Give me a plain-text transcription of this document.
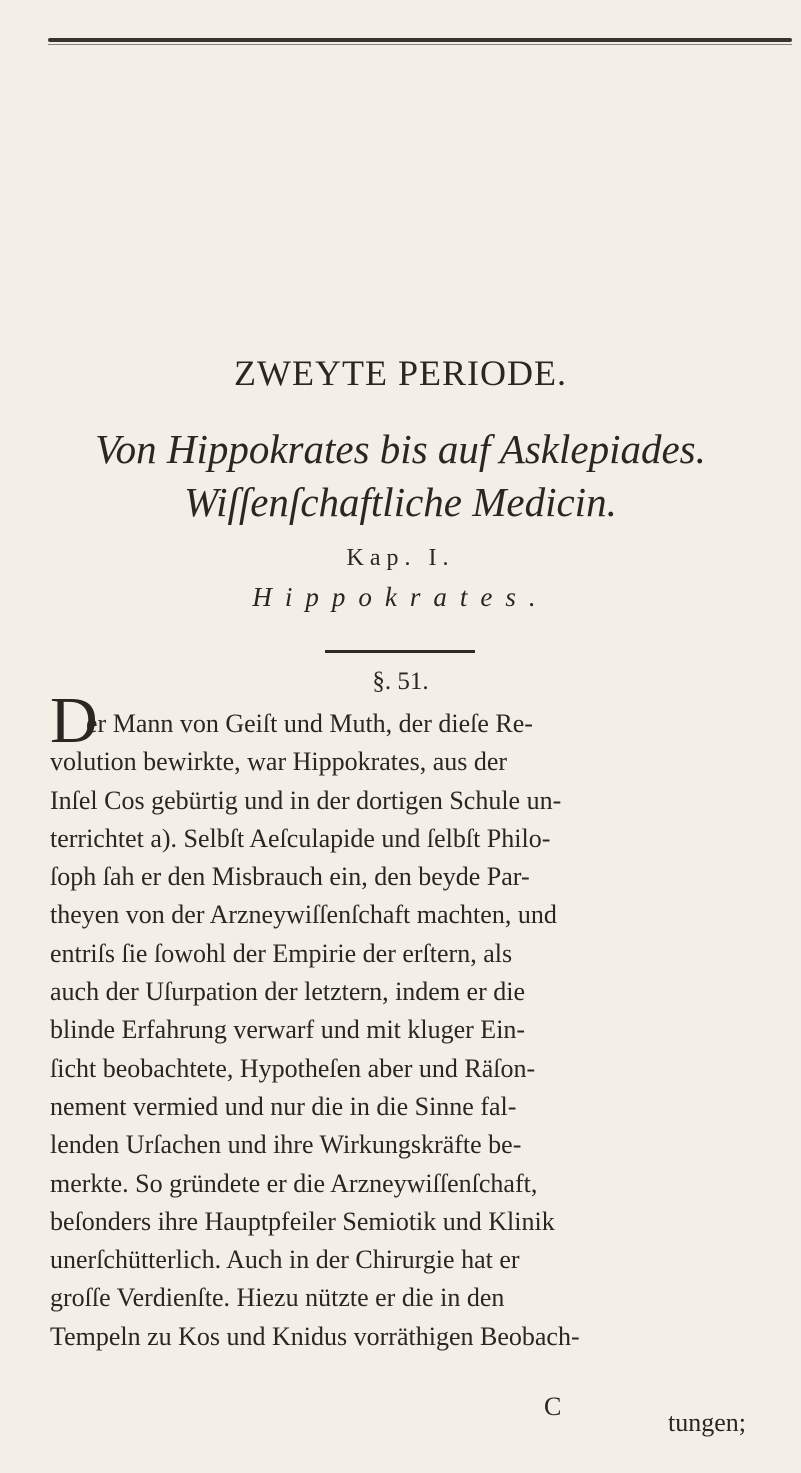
ZWEYTE PERIODE.
Von Hippokrates bis auf Asklepiades.
Wiſſenſchaftliche Medicin.
Kap. I.
Hippokrates.
§. 51.
D
er Mann von Geiſt und Muth, der dieſe Re-
volution bewirkte, war Hippokrates, aus der
Inſel Cos gebürtig und in der dortigen Schule un-
terrichtet a). Selbſt Aeſculapide und ſelbſt Philo-
ſoph ſah er den Misbrauch ein, den beyde Par-
theyen von der Arzneywiſſenſchaft machten, und
entriſs ſie ſowohl der Empirie der erſtern, als
auch der Uſurpation der letztern, indem er die
blinde Erfahrung verwarf und mit kluger Ein-
ſicht beobachtete, Hypotheſen aber und Räſon-
nement vermied und nur die in die Sinne fal-
lenden Urſachen und ihre Wirkungskräfte be-
merkte. So gründete er die Arzneywiſſenſchaft,
beſonders ihre Hauptpfeiler Semiotik und Klinik
unerſchütterlich. Auch in der Chirurgie hat er
groſſe Verdienſte. Hiezu nützte er die in den
Tempeln zu Kos und Knidus vorräthigen Beobach-
C
tungen;
